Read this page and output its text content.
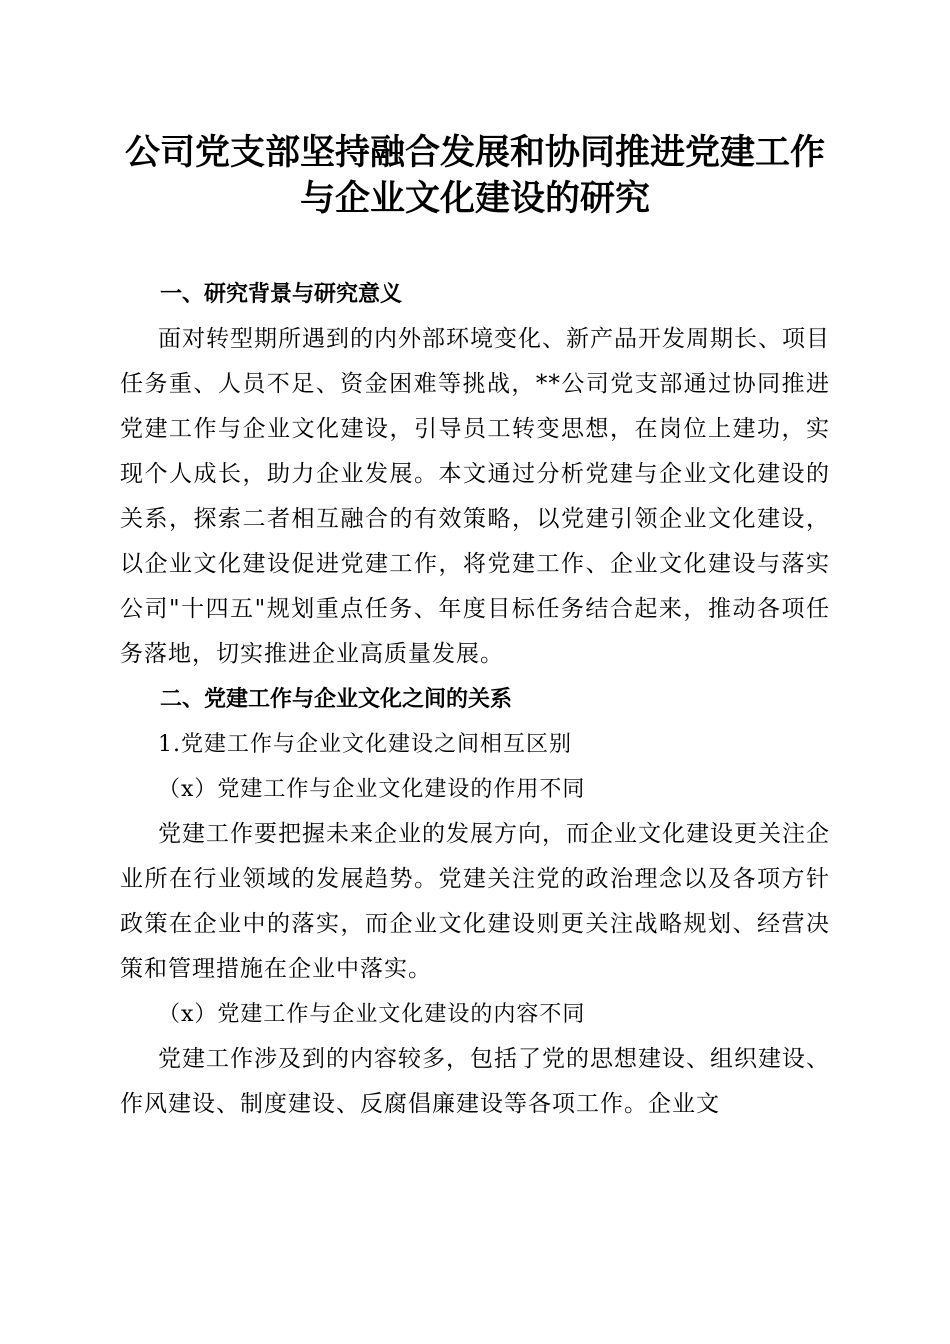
公司党支部坚持融合发展和协同推进党建工作
与企业文化建设的研究
一、研究背景与研究意义

面对转型期所遇到的内外部环境变化、新产品开发周期长、项目任务重、人员不足、资金困难等挑战，**公司党支部通过协同推进党建工作与企业文化建设，引导员工转变思想，在岗位上建功，实现个人成长，助力企业发展。本文通过分析党建与企业文化建设的关系，探索二者相互融合的有效策略，以党建引领企业文化建设，以企业文化建设促进党建工作，将党建工作、企业文化建设与落实公司"十四五"规划重点任务、年度目标任务结合起来，推动各项任务落地，切实推进企业高质量发展。

二、党建工作与企业文化之间的关系

1.党建工作与企业文化建设之间相互区别

（x）党建工作与企业文化建设的作用不同

党建工作要把握未来企业的发展方向，而企业文化建设更关注企业所在行业领域的发展趋势。党建关注党的政治理念以及各项方针政策在企业中的落实，而企业文化建设则更关注战略规划、经营决策和管理措施在企业中落实。

（x）党建工作与企业文化建设的内容不同

党建工作涉及到的内容较多，包括了党的思想建设、组织建设、作风建设、制度建设、反腐倡廉建设等各项工作。企业文
